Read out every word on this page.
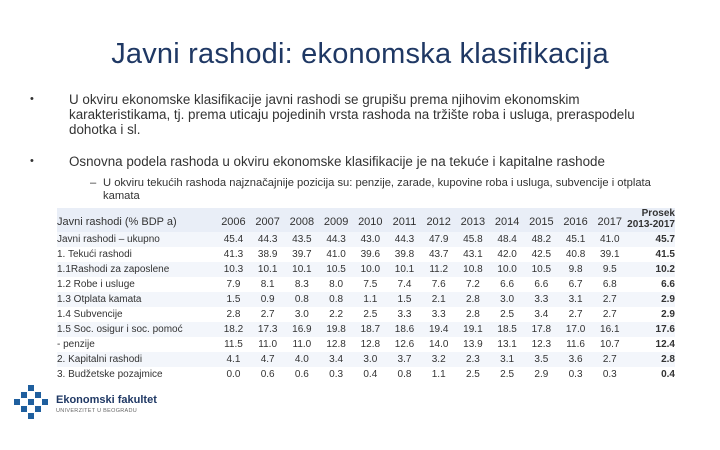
Javni rashodi: ekonomska klasifikacija
•	U okviru ekonomske klasifikacije javni rashodi se grupišu prema njihovim ekonomskim karakteristikama, tj. prema uticaju pojedinih vrsta rashoda na tržište roba i usluga, preraspodelu dohotka i sl.
•	Osnovna podela rashoda u okviru ekonomske klasifikacije je na tekuće i kapitalne rashode
– U okviru tekućih rashoda najznačajnije pozicija su: penzije, zarade, kupovine roba i usluga, subvencije i otplata kamata
Javni rashodi (% BDP a)	2006	2007	2008	2009	2010	2011	2012	2013	2014	2015	2016	2017	Prosek
2013-2017

Javni rashodi – ukupno	45.4	44.3	43.5	44.3	43.0	44.3	47.9	45.8	48.4	48.2	45.1	41.0	45.7
1. Tekući rashodi	41.3	38.9	39.7	41.0	39.6	39.8	43.7	43.1	42.0	42.5	40.8	39.1	41.5
1.1Rashodi za zaposlene	10.3	10.1	10.1	10.5	10.0	10.1	11.2	10.8	10.0	10.5	9.8	9.5	10.2
1.2 Robe i usluge	7.9	8.1	8.3	8.0	7.5	7.4	7.6	7.2	6.6	6.6	6.7	6.8	6.6
1.3 Otplata kamata	1.5	0.9	0.8	0.8	1.1	1.5	2.1	2.8	3.0	3.3	3.1	2.7	2.9
1.4 Subvencije	2.8	2.7	3.0	2.2	2.5	3.3	3.3	2.8	2.5	3.4	2.7	2.7	2.9
1.5 Soc. osigur i soc. pomoć	18.2	17.3	16.9	19.8	18.7	18.6	19.4	19.1	18.5	17.8	17.0	16.1	17.6
- penzije	11.5	11.0	11.0	12.8	12.8	12.6	14.0	13.9	13.1	12.3	11.6	10.7	12.4
2. Kapitalni rashodi	4.1	4.7	4.0	3.4	3.0	3.7	3.2	2.3	3.1	3.5	3.6	2.7	2.8
3. Budžetske pozajmice	0.0	0.6	0.6	0.3	0.4	0.8	1.1	2.5	2.5	2.9	0.3	0.3	0.4
Ekonomski fakultet
UNIVERZITET U BEOGRADU
